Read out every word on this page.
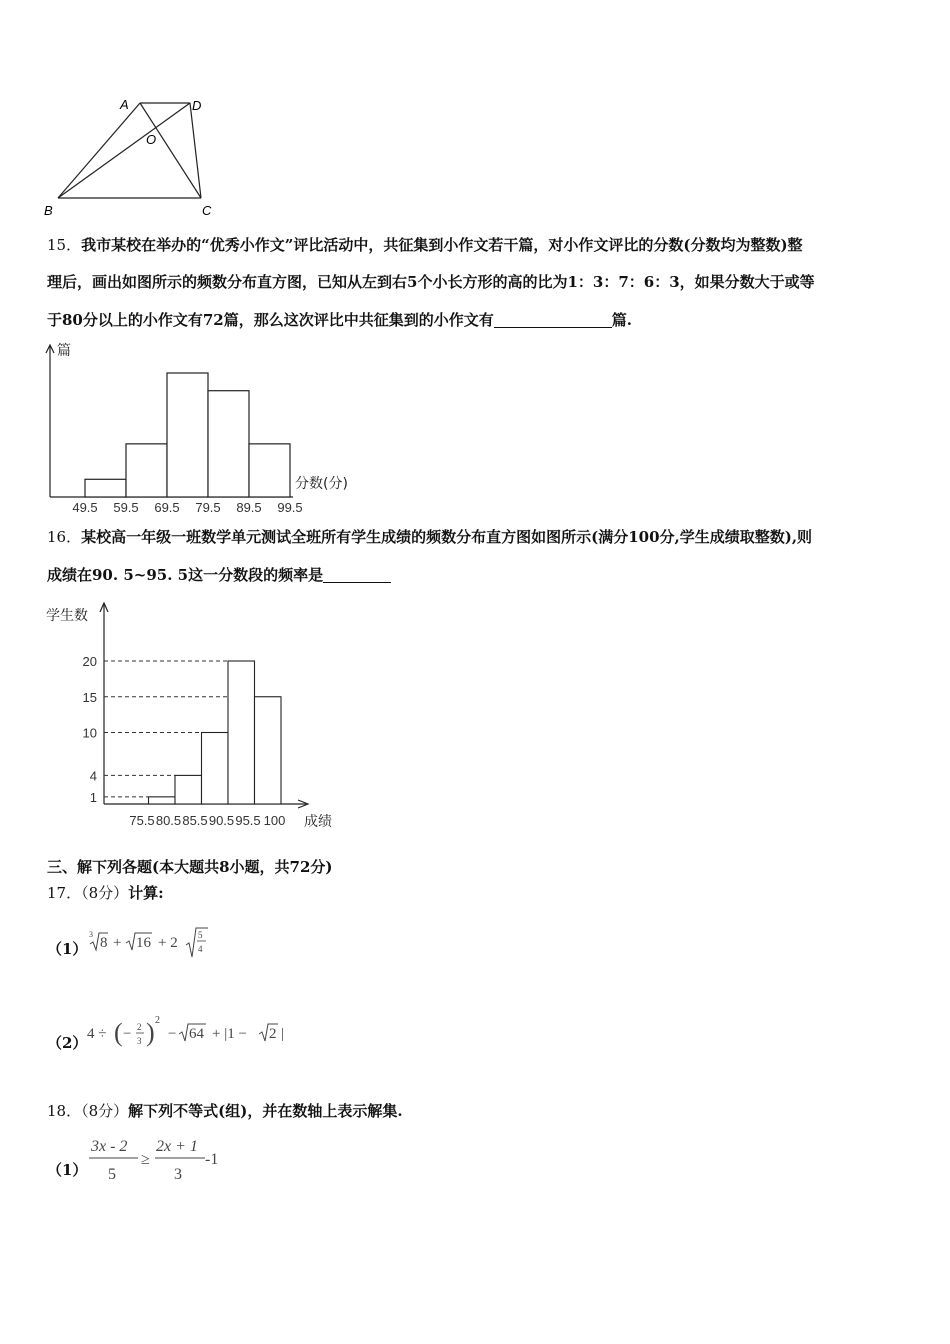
A	D
O
B	C
15．我市某校在举办的“优秀小作文”评比活动中，共征集到小作文若干篇，对小作文评比的分数(分数均为整数)整
理后，画出如图所示的频数分布直方图，已知从左到右5个小长方形的高的比为1：3：7：6：3，如果分数大于或等
于80分以上的小作文有72篇，那么这次评比中共征集到的小作文有	篇.
篇
分数(分)
49.5 59.5 69.5 79.5 89.5 99.5
16．某校高一年级一班数学单元测试全班所有学生成绩的频数分布直方图如图所示(满分100分,学生成绩取整数),则
成绩在90. 5~95. 5这一分数段的频率是
学生数
成绩
1
4
10
15
20
75.5 80.5 85.5 90.5 95.5 100
三、解下列各题(本大题共8小题，共72分)
17．（8分）计算:
（1）
3
8 + 16 + 2 5
4
（2） 4 ÷ ( − 2
3 ) 2
− 64 + |1 − 2 |
18．（8分）解下列不等式(组)，并在数轴上表示解集.
（1）
3x - 2
5
≥
2x + 1
3
-1
